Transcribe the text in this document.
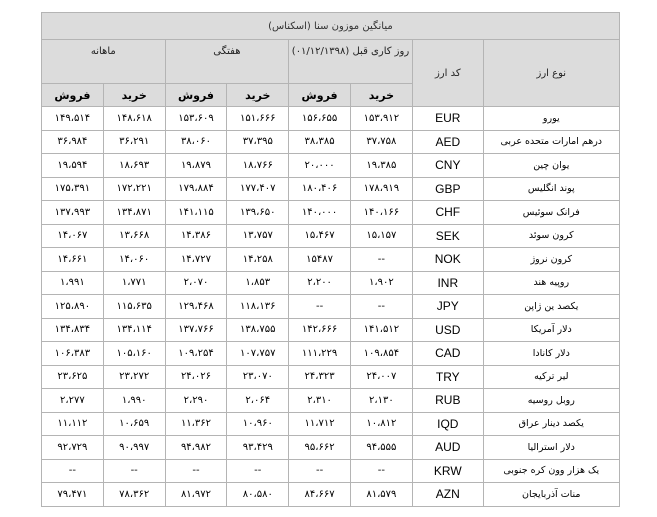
میانگین موزون سنا (اسکناس)							
نوع ارز	کد ارز	روز کاری قبل (۰۱/۱۲/۱۳۹۸)		هفتگی		ماهانه	
		خرید	فروش	خرید	فروش	خرید	فروش
یورو	EUR	۱۵۳،۹۱۲	۱۵۶،۶۵۵	۱۵۱،۶۶۶	۱۵۳،۶۰۹	۱۴۸،۶۱۸	۱۴۹،۵۱۴
درهم امارات متحده عربی	AED	۳۷،۷۵۸	۳۸،۳۸۵	۳۷،۳۹۵	۳۸،۰۶۰	۳۶،۲۹۱	۳۶،۹۸۴
یوان چین	CNY	۱۹،۳۸۵	۲۰،۰۰۰	۱۸،۷۶۶	۱۹،۸۷۹	۱۸،۶۹۳	۱۹،۵۹۴
پوند انگلیس	GBP	۱۷۸،۹۱۹	۱۸۰،۴۰۶	۱۷۷،۴۰۷	۱۷۹،۸۸۴	۱۷۲،۲۲۱	۱۷۵،۳۹۱
فرانک سوئیس	CHF	۱۴۰،۱۶۶	۱۴۰،۰۰۰	۱۳۹،۶۵۰	۱۴۱،۱۱۵	۱۳۴،۸۷۱	۱۳۷،۹۹۳
کرون سوئد	SEK	۱۵،۱۵۷	۱۵،۴۶۷	۱۳،۷۵۷	۱۴،۳۸۶	۱۳،۶۶۸	۱۴،۰۶۷
کرون نروژ	NOK	--	۱۵۴۸۷	۱۴،۲۵۸	۱۴،۷۲۷	۱۴،۰۶۰	۱۴،۶۶۱
روپیه هند	INR	۱،۹۰۲	۲،۲۰۰	۱،۸۵۳	۲،۰۷۰	۱،۷۷۱	۱،۹۹۱
یکصد ین ژاپن	JPY	--	--	۱۱۸،۱۳۶	۱۲۹،۴۶۸	۱۱۵،۶۳۵	۱۲۵،۸۹۰
دلار آمریکا	USD	۱۴۱،۵۱۲	۱۴۲،۶۶۶	۱۳۸،۷۵۵	۱۳۷،۷۶۶	۱۳۴،۱۱۴	۱۳۴،۸۳۴
دلار کانادا	CAD	۱۰۹،۸۵۴	۱۱۱،۲۲۹	۱۰۷،۷۵۷	۱۰۹،۲۵۴	۱۰۵،۱۶۰	۱۰۶،۳۸۳
لیر ترکیه	TRY	۲۴،۰۰۷	۲۴،۳۲۳	۲۳،۰۷۰	۲۴،۰۲۶	۲۳،۲۷۲	۲۳،۶۲۵
روبل روسیه	RUB	۲،۱۳۰	۲،۳۱۰	۲،۰۶۴	۲،۲۹۰	۱،۹۹۰	۲،۲۷۷
یکصد دینار عراق	IQD	۱۰،۸۱۲	۱۱،۷۱۲	۱۰،۹۶۰	۱۱،۳۶۲	۱۰،۶۵۹	۱۱،۱۱۲
دلار استرالیا	AUD	۹۴،۵۵۵	۹۵،۶۶۲	۹۳،۴۲۹	۹۴،۹۸۲	۹۰،۹۹۷	۹۲،۷۲۹
یک هزار وون کره جنوبی	KRW	--	--	--	--	--	--
منات آذربایجان	AZN	۸۱،۵۷۹	۸۴،۶۶۷	۸۰،۵۸۰	۸۱،۹۷۲	۷۸،۳۶۲	۷۹،۴۷۱
